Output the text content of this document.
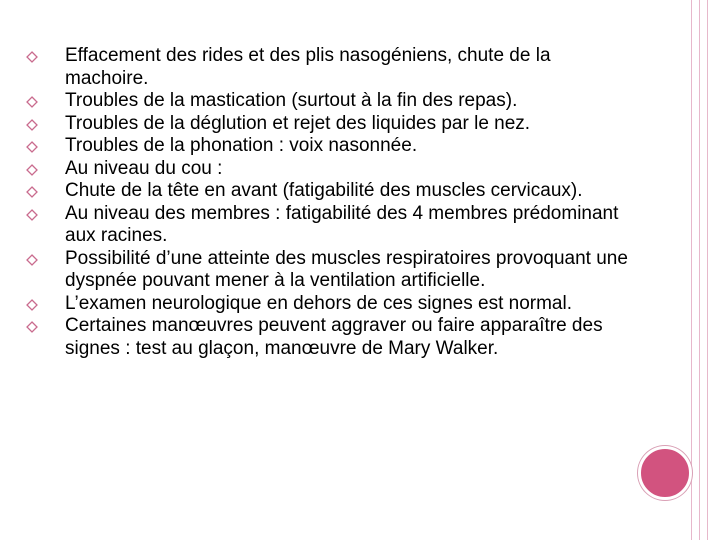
Effacement des rides et des plis nasogéniens, chute de la machoire.
Troubles de la mastication (surtout à la fin des repas).
Troubles de la déglution et rejet des liquides par le nez.
Troubles de la phonation : voix nasonnée.
Au niveau du cou :
Chute de la tête en avant (fatigabilité des muscles cervicaux).
Au niveau des membres : fatigabilité des 4 membres prédominant aux racines.
Possibilité d’une atteinte des muscles respiratoires provoquant une dyspnée pouvant mener à la ventilation artificielle.
L’examen neurologique en dehors de ces signes est normal.
Certaines manœuvres peuvent aggraver ou faire apparaître des signes : test au glaçon, manœuvre de Mary Walker.
